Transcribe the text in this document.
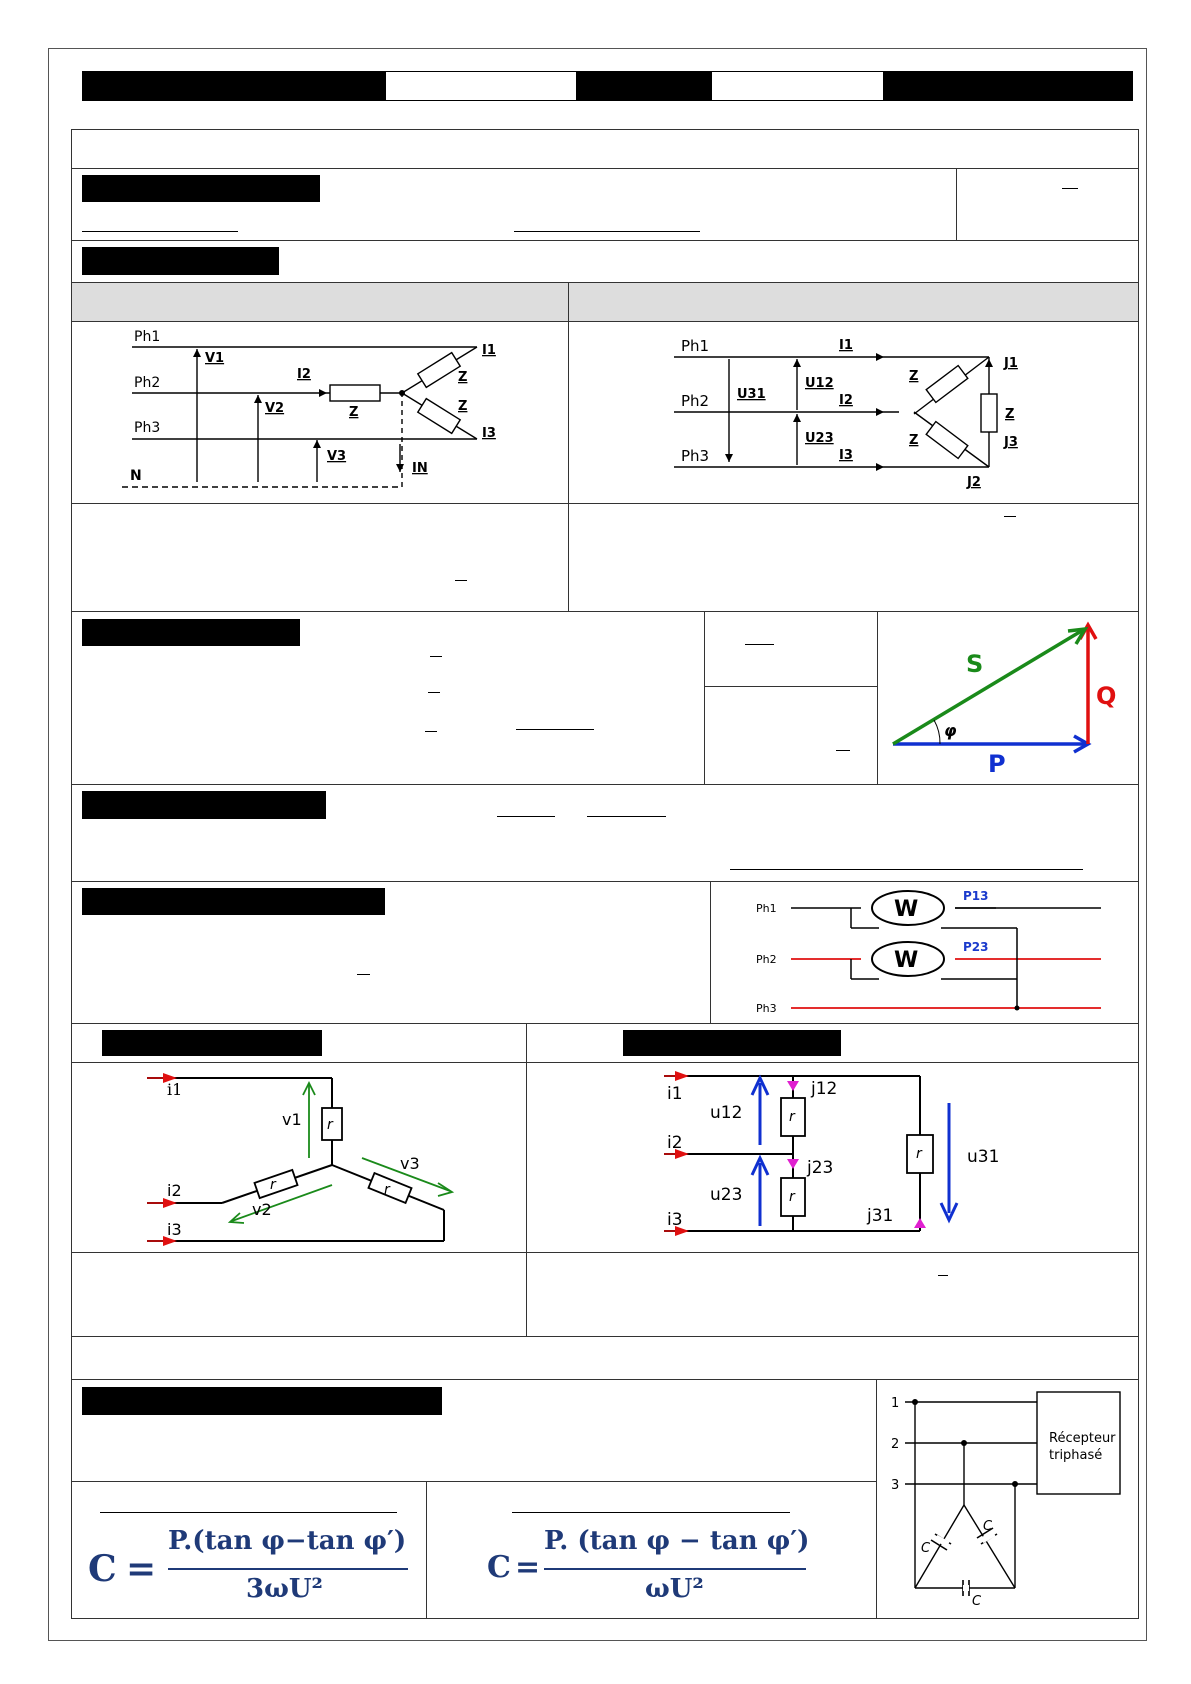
Ph1
Ph2
Ph3
N
V1
V2
V3
I1
I2
I3
IN
Z
Z
Z
Ph1
Ph2
Ph3
I1
I2
I3
U12
U23
U31
J1
J2
J3
Z
Z
Z
S
Q
P
φ
W
W
Ph1
Ph2
Ph3
P13
P23
i1
i2
i3
v1
v2
v3
r
r	r
i1
i2
i3
u12
u23
u31
j12
j23
j31
r
r
r
1
2
3
Récepteur
triphasé
C
C
C
C =
P.(tan φ−tan φ′)
3ωU²
C =
P. (tan φ − tan φ′)
ωU²
